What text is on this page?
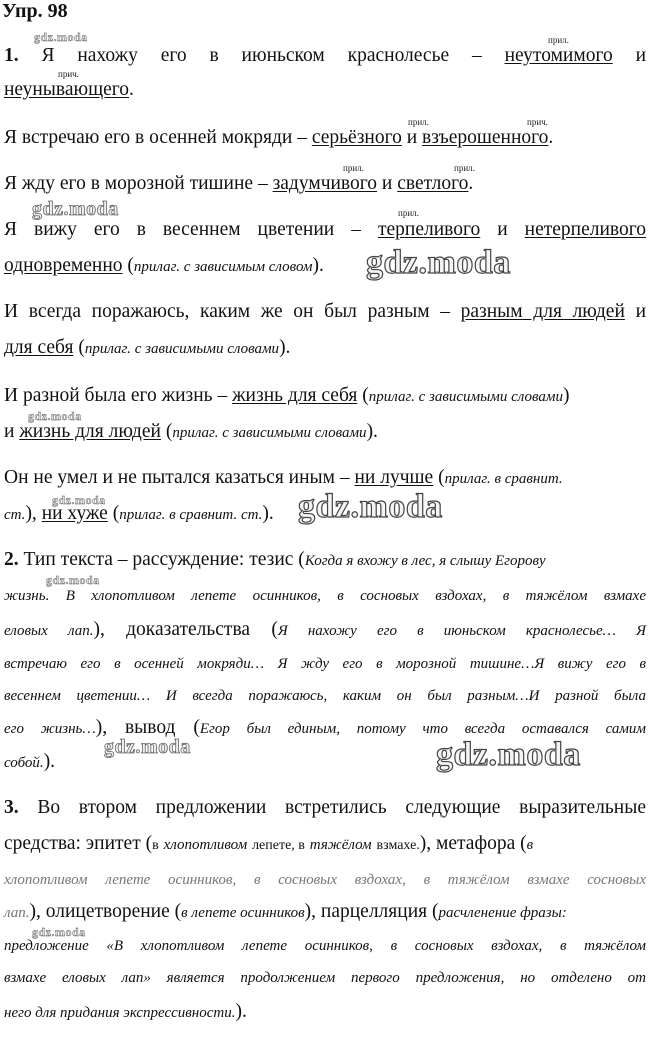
Упр. 98
прил.
gdz.moda
1. Я нахожу его в июньском краснолесье – неутомимого и
прич.
неунывающего.
прил.	прич.
Я встречаю его в осенней мокряди – серьёзного и взъерошенного.
прил.	прил.
Я жду его в морозной тишине – задумчивого и светлого.
gdz.moda	прил.
Я вижу его в весеннем цветении – терпеливого и нетерпеливого
одновременно (прилаг. с зависимым словом).	gdz.moda
И всегда поражаюсь, каким же он был разным – разным для людей и
для себя (прилаг. с зависимыми словами).
И разной была его жизнь – жизнь для себя (прилаг. с зависимыми словами)
gdz.moda
и жизнь для людей (прилаг. с зависимыми словами).
Он не умел и не пытался казаться иным – ни лучше (прилаг. в сравнит.
gdz.moda
ст.), ни хуже (прилаг. в сравнит. ст.). gdz.moda
2. Тип текста – рассуждение: тезис (Когда я вхожу в лес, я слышу Егорову
gdz.moda
жизнь. В хлопотливом лепете осинников, в сосновых вздохах, в тяжёлом взмахе
еловых лап.), доказательства (Я нахожу его в июньском краснолесье… Я
встречаю его в осенней мокряди… Я жду его в морозной тишине…Я вижу его в
весеннем цветении… И всегда поражаюсь, каким он был разным…И разной была
его жизнь…), вывод (Егор был единым, потому что всегда оставался самим
собой.).
gdz.moda	gdz.moda
3. Во втором предложении встретились следующие выразительные
средства: эпитет (в хлопотливом лепете, в тяжёлом взмахе.), метафора (в
хлопотливом лепете осинников, в сосновых вздохах, в тяжёлом взмахе сосновых
лап.), олицетворение (в лепете осинников), парцелляция (расчленение фразы:
gdz.moda
предложение «В хлопотливом лепете осинников, в сосновых вздохах, в тяжёлом
взмахе еловых лап» является продолжением первого предложения, но отделено от
него для придания экспрессивности.).
